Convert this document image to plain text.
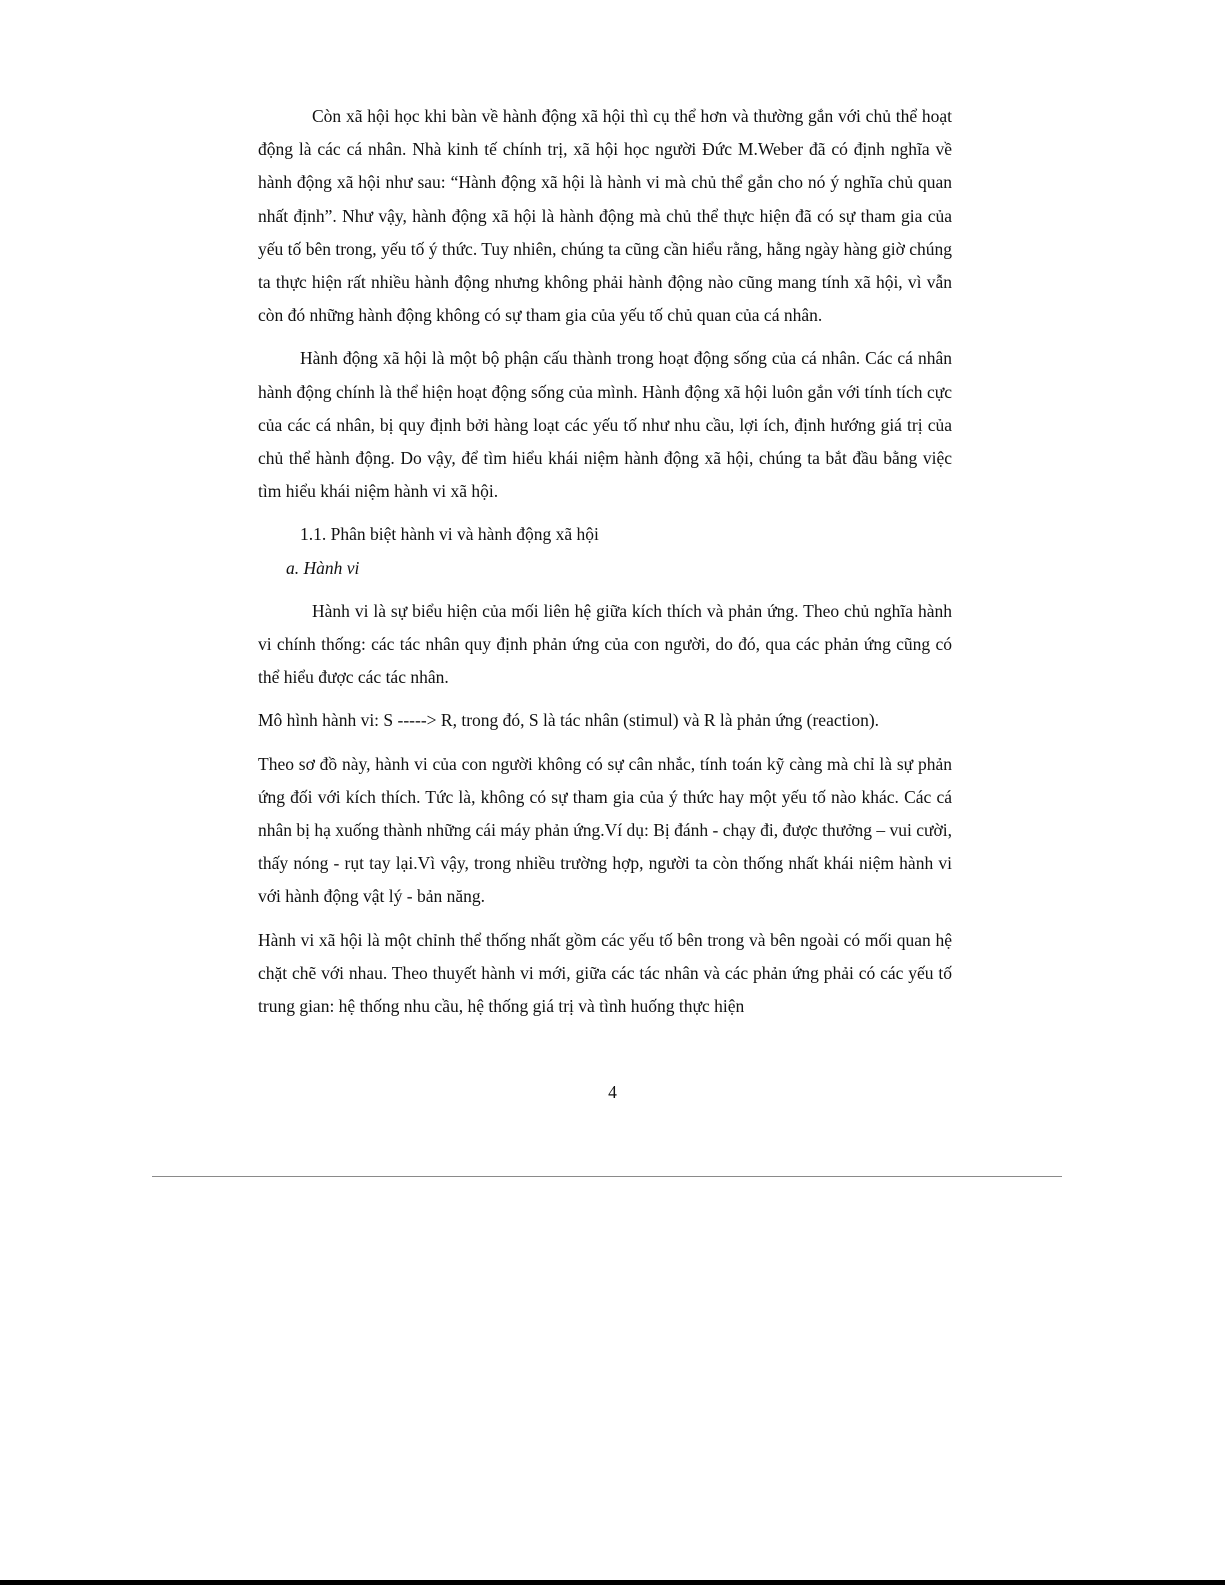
Còn xã hội học khi bàn về hành động xã hội thì cụ thể hơn và thường gắn với chủ thể hoạt động là các cá nhân. Nhà kinh tế chính trị, xã hội học người Đức M.Weber đã có định nghĩa về hành động xã hội như sau: “Hành động xã hội là hành vi mà chủ thể gắn cho nó ý nghĩa chủ quan nhất định”. Như vậy, hành động xã hội là hành động mà chủ thể thực hiện đã có sự tham gia của yếu tố bên trong, yếu tố ý thức. Tuy nhiên, chúng ta cũng cần hiểu rằng, hằng ngày hàng giờ chúng ta thực hiện rất nhiều hành động nhưng không phải hành động nào cũng mang tính xã hội, vì vẫn còn đó những hành động không có sự tham gia của yếu tố chủ quan của cá nhân.

Hành động xã hội là một bộ phận cấu thành trong hoạt động sống của cá nhân. Các cá nhân hành động chính là thể hiện hoạt động sống của mình. Hành động xã hội luôn gắn với tính tích cực của các cá nhân, bị quy định bởi hàng loạt các yếu tố như nhu cầu, lợi ích, định hướng giá trị của chủ thể hành động. Do vậy, để tìm hiểu khái niệm hành động xã hội, chúng ta bắt đầu bằng việc tìm hiểu khái niệm hành vi xã hội.

1.1. Phân biệt hành vi và hành động xã hội

a. Hành vi

Hành vi là sự biểu hiện của mối liên hệ giữa kích thích và phản ứng. Theo chủ nghĩa hành vi chính thống: các tác nhân quy định phản ứng của con người, do đó, qua các phản ứng cũng có thể hiểu được các tác nhân.

Mô hình hành vi: S -----> R, trong đó, S là tác nhân (stimul) và R là phản ứng (reaction).

Theo sơ đồ này, hành vi của con người không có sự cân nhắc, tính toán kỹ càng mà chỉ là sự phản ứng đối với kích thích. Tức là, không có sự tham gia của ý thức hay một yếu tố nào khác. Các cá nhân bị hạ xuống thành những cái máy phản ứng.Ví dụ: Bị đánh - chạy đi, được thưởng – vui cười, thấy nóng - rụt tay lại.Vì vậy, trong nhiều trường hợp, người ta còn thống nhất khái niệm hành vi với hành động vật lý - bản năng.

Hành vi xã hội là một chỉnh thể thống nhất gồm các yếu tố bên trong và bên ngoài có mối quan hệ chặt chẽ với nhau. Theo thuyết hành vi mới, giữa các tác nhân và các phản ứng phải có các yếu tố trung gian: hệ thống nhu cầu, hệ thống giá trị và tình huống thực hiện

4
